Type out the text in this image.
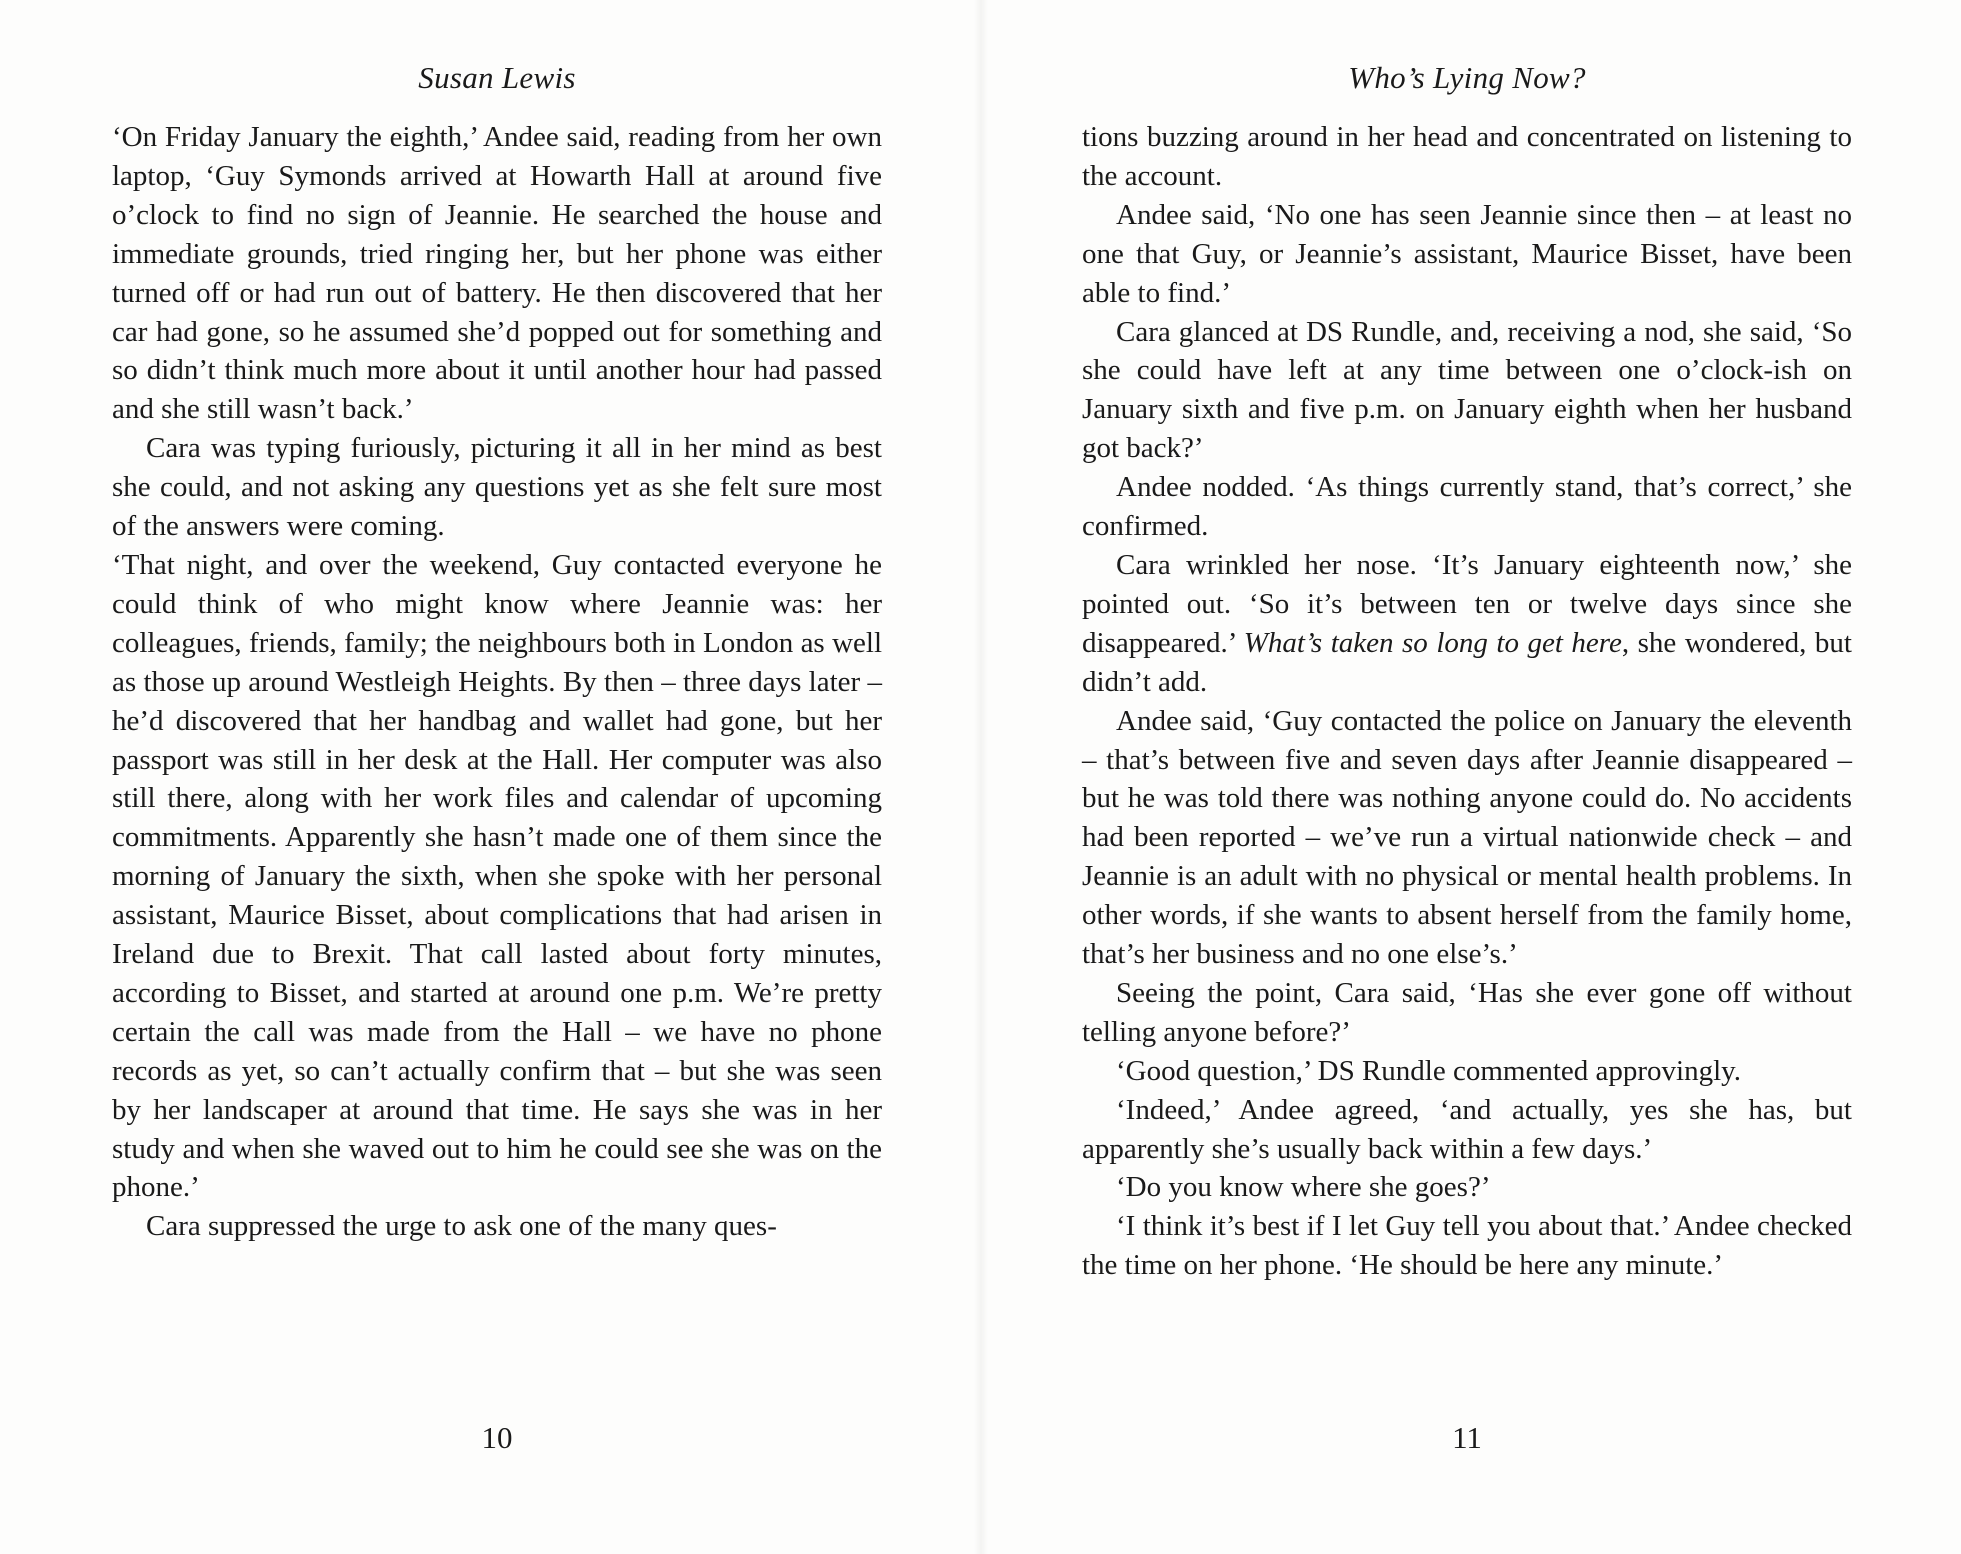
Susan Lewis

‘On Friday January the eighth,’ Andee said, reading from her own laptop, ‘Guy Symonds arrived at Howarth Hall at around five o’clock to find no sign of Jeannie. He searched the house and immediate grounds, tried ringing her, but her phone was either turned off or had run out of battery. He then discovered that her car had gone, so he assumed she’d popped out for something and so didn’t think much more about it until another hour had passed and she still wasn’t back.’

Cara was typing furiously, picturing it all in her mind as best she could, and not asking any questions yet as she felt sure most of the answers were coming.

‘That night, and over the weekend, Guy contacted everyone he could think of who might know where Jeannie was: her colleagues, friends, family; the neighbours both in London as well as those up around Westleigh Heights. By then – three days later – he’d discovered that her handbag and wallet had gone, but her passport was still in her desk at the Hall. Her computer was also still there, along with her work files and calendar of upcoming commitments. Apparently she hasn’t made one of them since the morning of January the sixth, when she spoke with her personal assistant, Maurice Bisset, about complications that had arisen in Ireland due to Brexit. That call lasted about forty minutes, according to Bisset, and started at around one p.m. We’re pretty certain the call was made from the Hall – we have no phone records as yet, so can’t actually confirm that – but she was seen by her landscaper at around that time. He says she was in her study and when she waved out to him he could see she was on the phone.’

Cara suppressed the urge to ask one of the many ques-

10
Who’s Lying Now?

tions buzzing around in her head and concentrated on listening to the account.

Andee said, ‘No one has seen Jeannie since then – at least no one that Guy, or Jeannie’s assistant, Maurice Bisset, have been able to find.’

Cara glanced at DS Rundle, and, receiving a nod, she said, ‘So she could have left at any time between one o’clock-ish on January sixth and five p.m. on January eighth when her husband got back?’

Andee nodded. ‘As things currently stand, that’s correct,’ she confirmed.

Cara wrinkled her nose. ‘It’s January eighteenth now,’ she pointed out. ‘So it’s between ten or twelve days since she disappeared.’ What’s taken so long to get here, she wondered, but didn’t add.

Andee said, ‘Guy contacted the police on January the eleventh – that’s between five and seven days after Jeannie disappeared – but he was told there was nothing anyone could do. No accidents had been reported – we’ve run a virtual nationwide check – and Jeannie is an adult with no physical or mental health problems. In other words, if she wants to absent herself from the family home, that’s her business and no one else’s.’

Seeing the point, Cara said, ‘Has she ever gone off without telling anyone before?’

‘Good question,’ DS Rundle commented approvingly.

‘Indeed,’ Andee agreed, ‘and actually, yes she has, but apparently she’s usually back within a few days.’

‘Do you know where she goes?’

‘I think it’s best if I let Guy tell you about that.’ Andee checked the time on her phone. ‘He should be here any minute.’

11
